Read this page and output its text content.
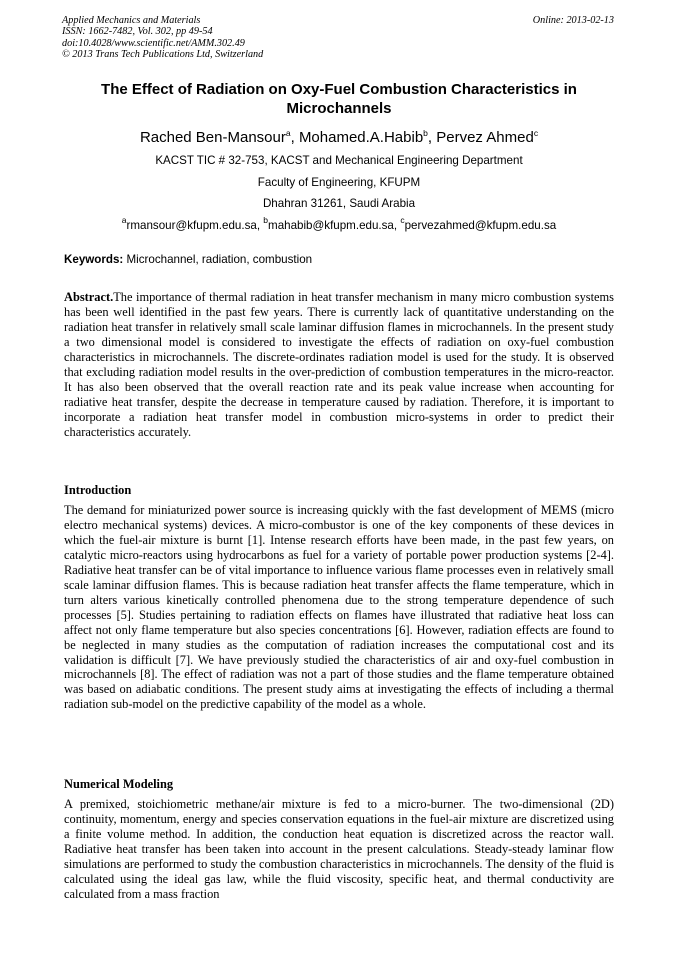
Applied Mechanics and Materials
ISSN: 1662-7482, Vol. 302, pp 49-54
doi:10.4028/www.scientific.net/AMM.302.49
© 2013 Trans Tech Publications Ltd, Switzerland
Online: 2013-02-13
The Effect of Radiation on Oxy-Fuel Combustion Characteristics in Microchannels
Rached Ben-Mansour$^a$, Mohamed.A.Habib$^b$, Pervez Ahmed$^c$
KACST TIC # 32-753, KACST and Mechanical Engineering Department
Faculty of Engineering, KFUPM
Dhahran 31261, Saudi Arabia
$^a$rmansour@kfupm.edu.sa, $^b$mahabib@kfupm.edu.sa, $^c$pervezahmed@kfupm.edu.sa
Keywords: Microchannel, radiation, combustion
Abstract.The importance of thermal radiation in heat transfer mechanism in many micro combustion systems has been well identified in the past few years. There is currently lack of quantitative understanding on the radiation heat transfer in relatively small scale laminar diffusion flames in microchannels. In the present study a two dimensional model is considered to investigate the effects of radiation on oxy-fuel combustion characteristics in microchannels. The discrete-ordinates radiation model is used for the study. It is observed that excluding radiation model results in the over-prediction of combustion temperatures in the micro-reactor. It has also been observed that the overall reaction rate and its peak value increase when accounting for radiative heat transfer, despite the decrease in temperature caused by radiation. Therefore, it is important to incorporate a radiation heat transfer model in combustion micro-systems in order to predict their characteristics accurately.
Introduction
The demand for miniaturized power source is increasing quickly with the fast development of MEMS (micro electro mechanical systems) devices. A micro-combustor is one of the key components of these devices in which the fuel-air mixture is burnt [1]. Intense research efforts have been made, in the past few years, on catalytic micro-reactors using hydrocarbons as fuel for a variety of portable power production systems [2-4]. Radiative heat transfer can be of vital importance to influence various flame processes even in relatively small scale laminar diffusion flames. This is because radiation heat transfer affects the flame temperature, which in turn alters various kinetically controlled phenomena due to the strong temperature dependence of such processes [5]. Studies pertaining to radiation effects on flames have illustrated that radiative heat loss can affect not only flame temperature but also species concentrations [6]. However, radiation effects are found to be neglected in many studies as the computation of radiation increases the computational cost and its validation is difficult [7]. We have previously studied the characteristics of air and oxy-fuel combustion in microchannels [8]. The effect of radiation was not a part of those studies and the flame temperature obtained was based on adiabatic conditions. The present study aims at investigating the effects of including a thermal radiation sub-model on the predictive capability of the model as a whole.
Numerical Modeling
A premixed, stoichiometric methane/air mixture is fed to a micro-burner. The two-dimensional (2D) continuity, momentum, energy and species conservation equations in the fuel-air mixture are discretized using a finite volume method. In addition, the conduction heat equation is discretized across the reactor wall. Radiative heat transfer has been taken into account in the present calculations. Steady-steady laminar flow simulations are performed to study the combustion characteristics in microchannels. The density of the fluid is calculated using the ideal gas law, while the fluid viscosity, specific heat, and thermal conductivity are calculated from a mass fraction
